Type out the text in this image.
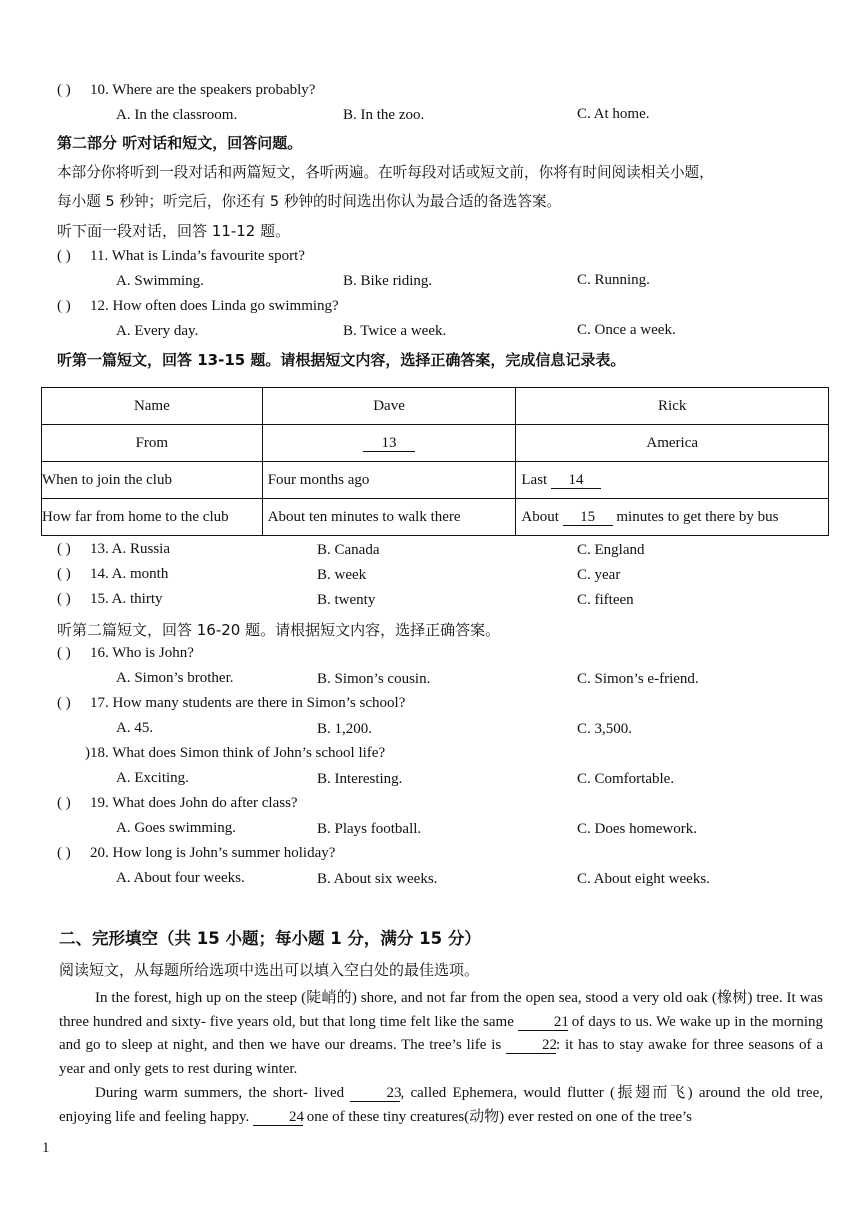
( ) 10. Where are the speakers probably?
A. In the classroom.	B. In the zoo.	C. At home.
第二部分 听对话和短文，回答问题。
本部分你将听到一段对话和两篇短文，各听两遍。在听每段对话或短文前，你将有时间阅读相关小题，
每小题 5 秒钟；听完后，你还有 5 秒钟的时间选出你认为最合适的备选答案。
听下面一段对话，回答 11-12 题。
( ) 11. What is Linda’s favourite sport?
A. Swimming.	B. Bike riding.	C. Running.
( ) 12. How often does Linda go swimming?
A. Every day.	B. Twice a week.	C. Once a week.
听第一篇短文，回答 13-15 题。请根据短文内容，选择正确答案，完成信息记录表。
Name	Dave	Rick
From	13	America
When to join the club	Four months ago	Last 14
How far from home to the club	About ten minutes to walk there	About 15 minutes to get there by bus
( ) 13. A. Russia	B. Canada	C. England
( ) 14. A. month	B. week	C. year
( ) 15. A. thirty	B. twenty	C. fifteen
听第二篇短文，回答 16-20 题。请根据短文内容，选择正确答案。
( ) 16. Who is John?
A. Simon’s brother.	B. Simon’s cousin.	C. Simon’s e-friend.
( ) 17. How many students are there in Simon’s school?
A. 45.	B. 1,200.	C. 3,500.
) 18. What does Simon think of John’s school life?
A. Exciting.	B. Interesting.	C. Comfortable.
( ) 19. What does John do after class?
A. Goes swimming.	B. Plays football.	C. Does homework.
( ) 20. How long is John’s summer holiday?
A. About four weeks.	B. About six weeks.	C. About eight weeks.
二、完形填空（共 15 小题；每小题 1 分，满分 15 分）
阅读短文，从每题所给选项中选出可以填入空白处的最佳选项。
In the forest, high up on the steep (陡峭的) shore, and not far from the open sea, stood a very old oak (橡树) tree. It was three hundred and sixty- five years old, but that long time felt like the same 21 of days to us. We wake up in the morning and go to sleep at night, and then we have our dreams. The tree’s life is 22: it has to stay awake for three seasons of a year and only gets to rest during winter.
During warm summers, the short- lived 23, called Ephemera, would flutter (振翅而飞) around the old tree, enjoying life and feeling happy. 24 one of these tiny creatures(动物) ever rested on one of the tree’s
1
